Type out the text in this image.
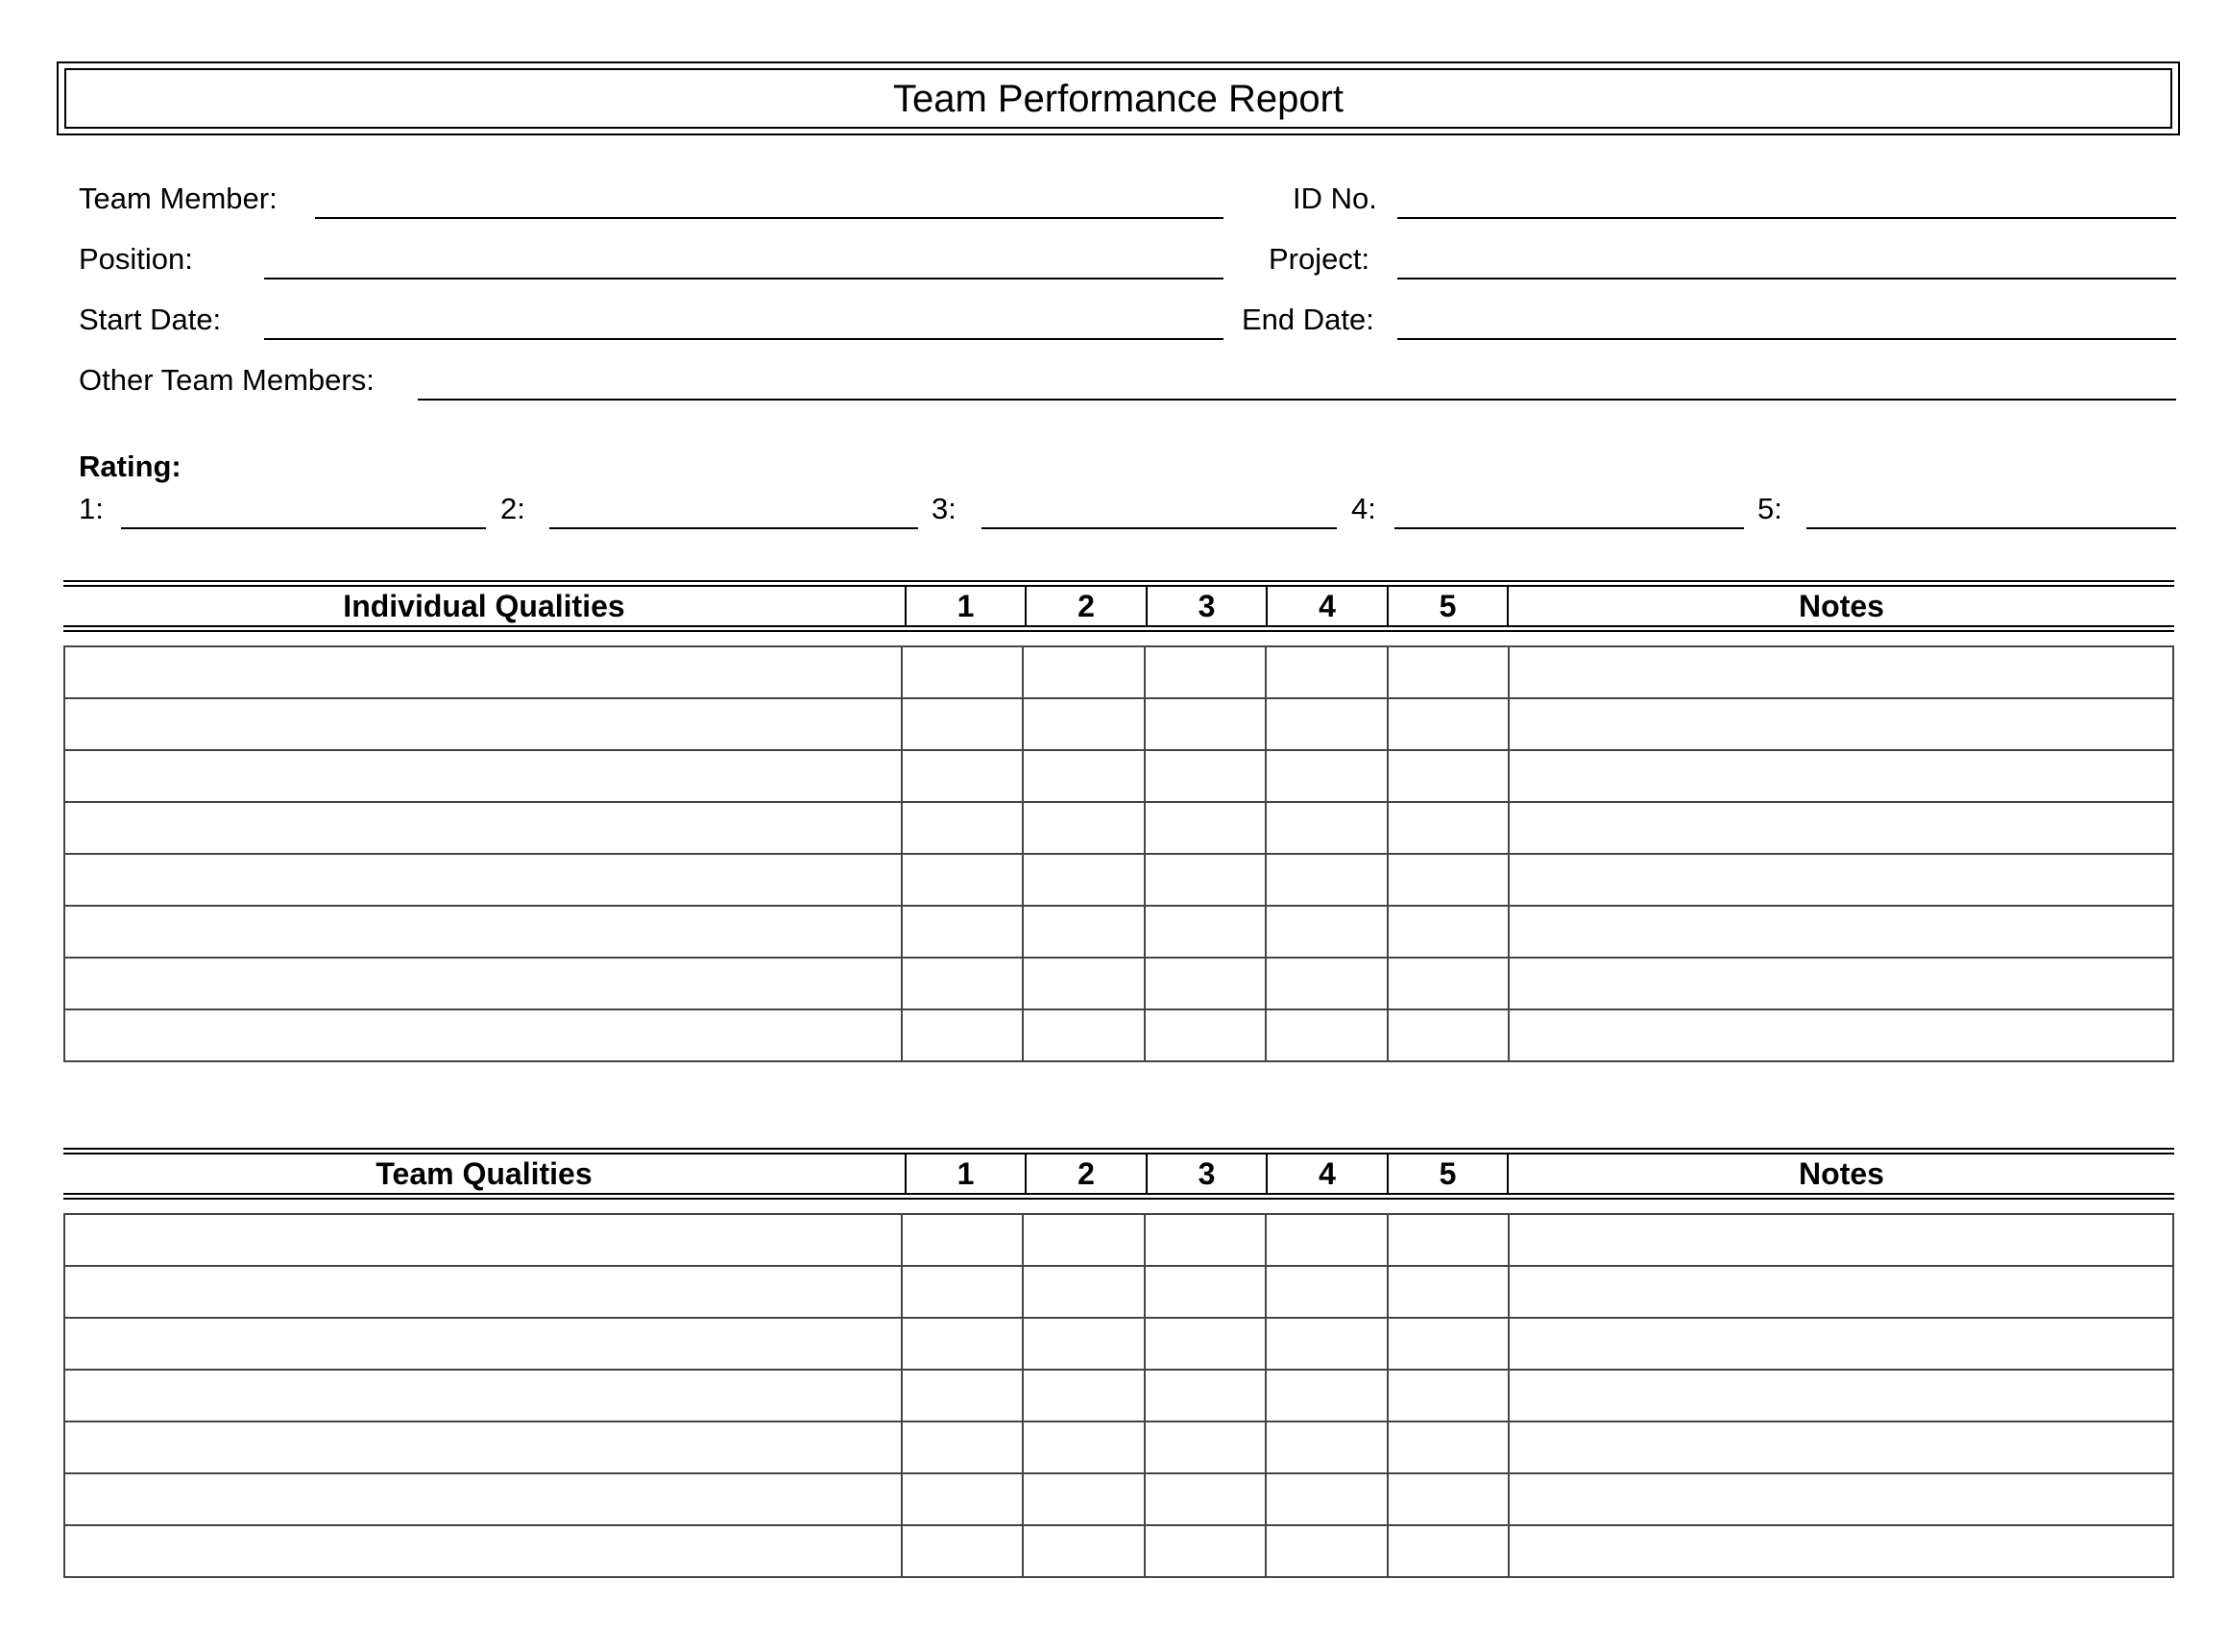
Team Performance Report
Team Member:	ID No.
Position:	Project:
Start Date:	End Date:
Other Team Members:
Rating:
1:	2:	3:	4:	5:
Individual Qualities	1	2	3	4	5	Notes

Team Qualities	1	2	3	4	5	Notes
